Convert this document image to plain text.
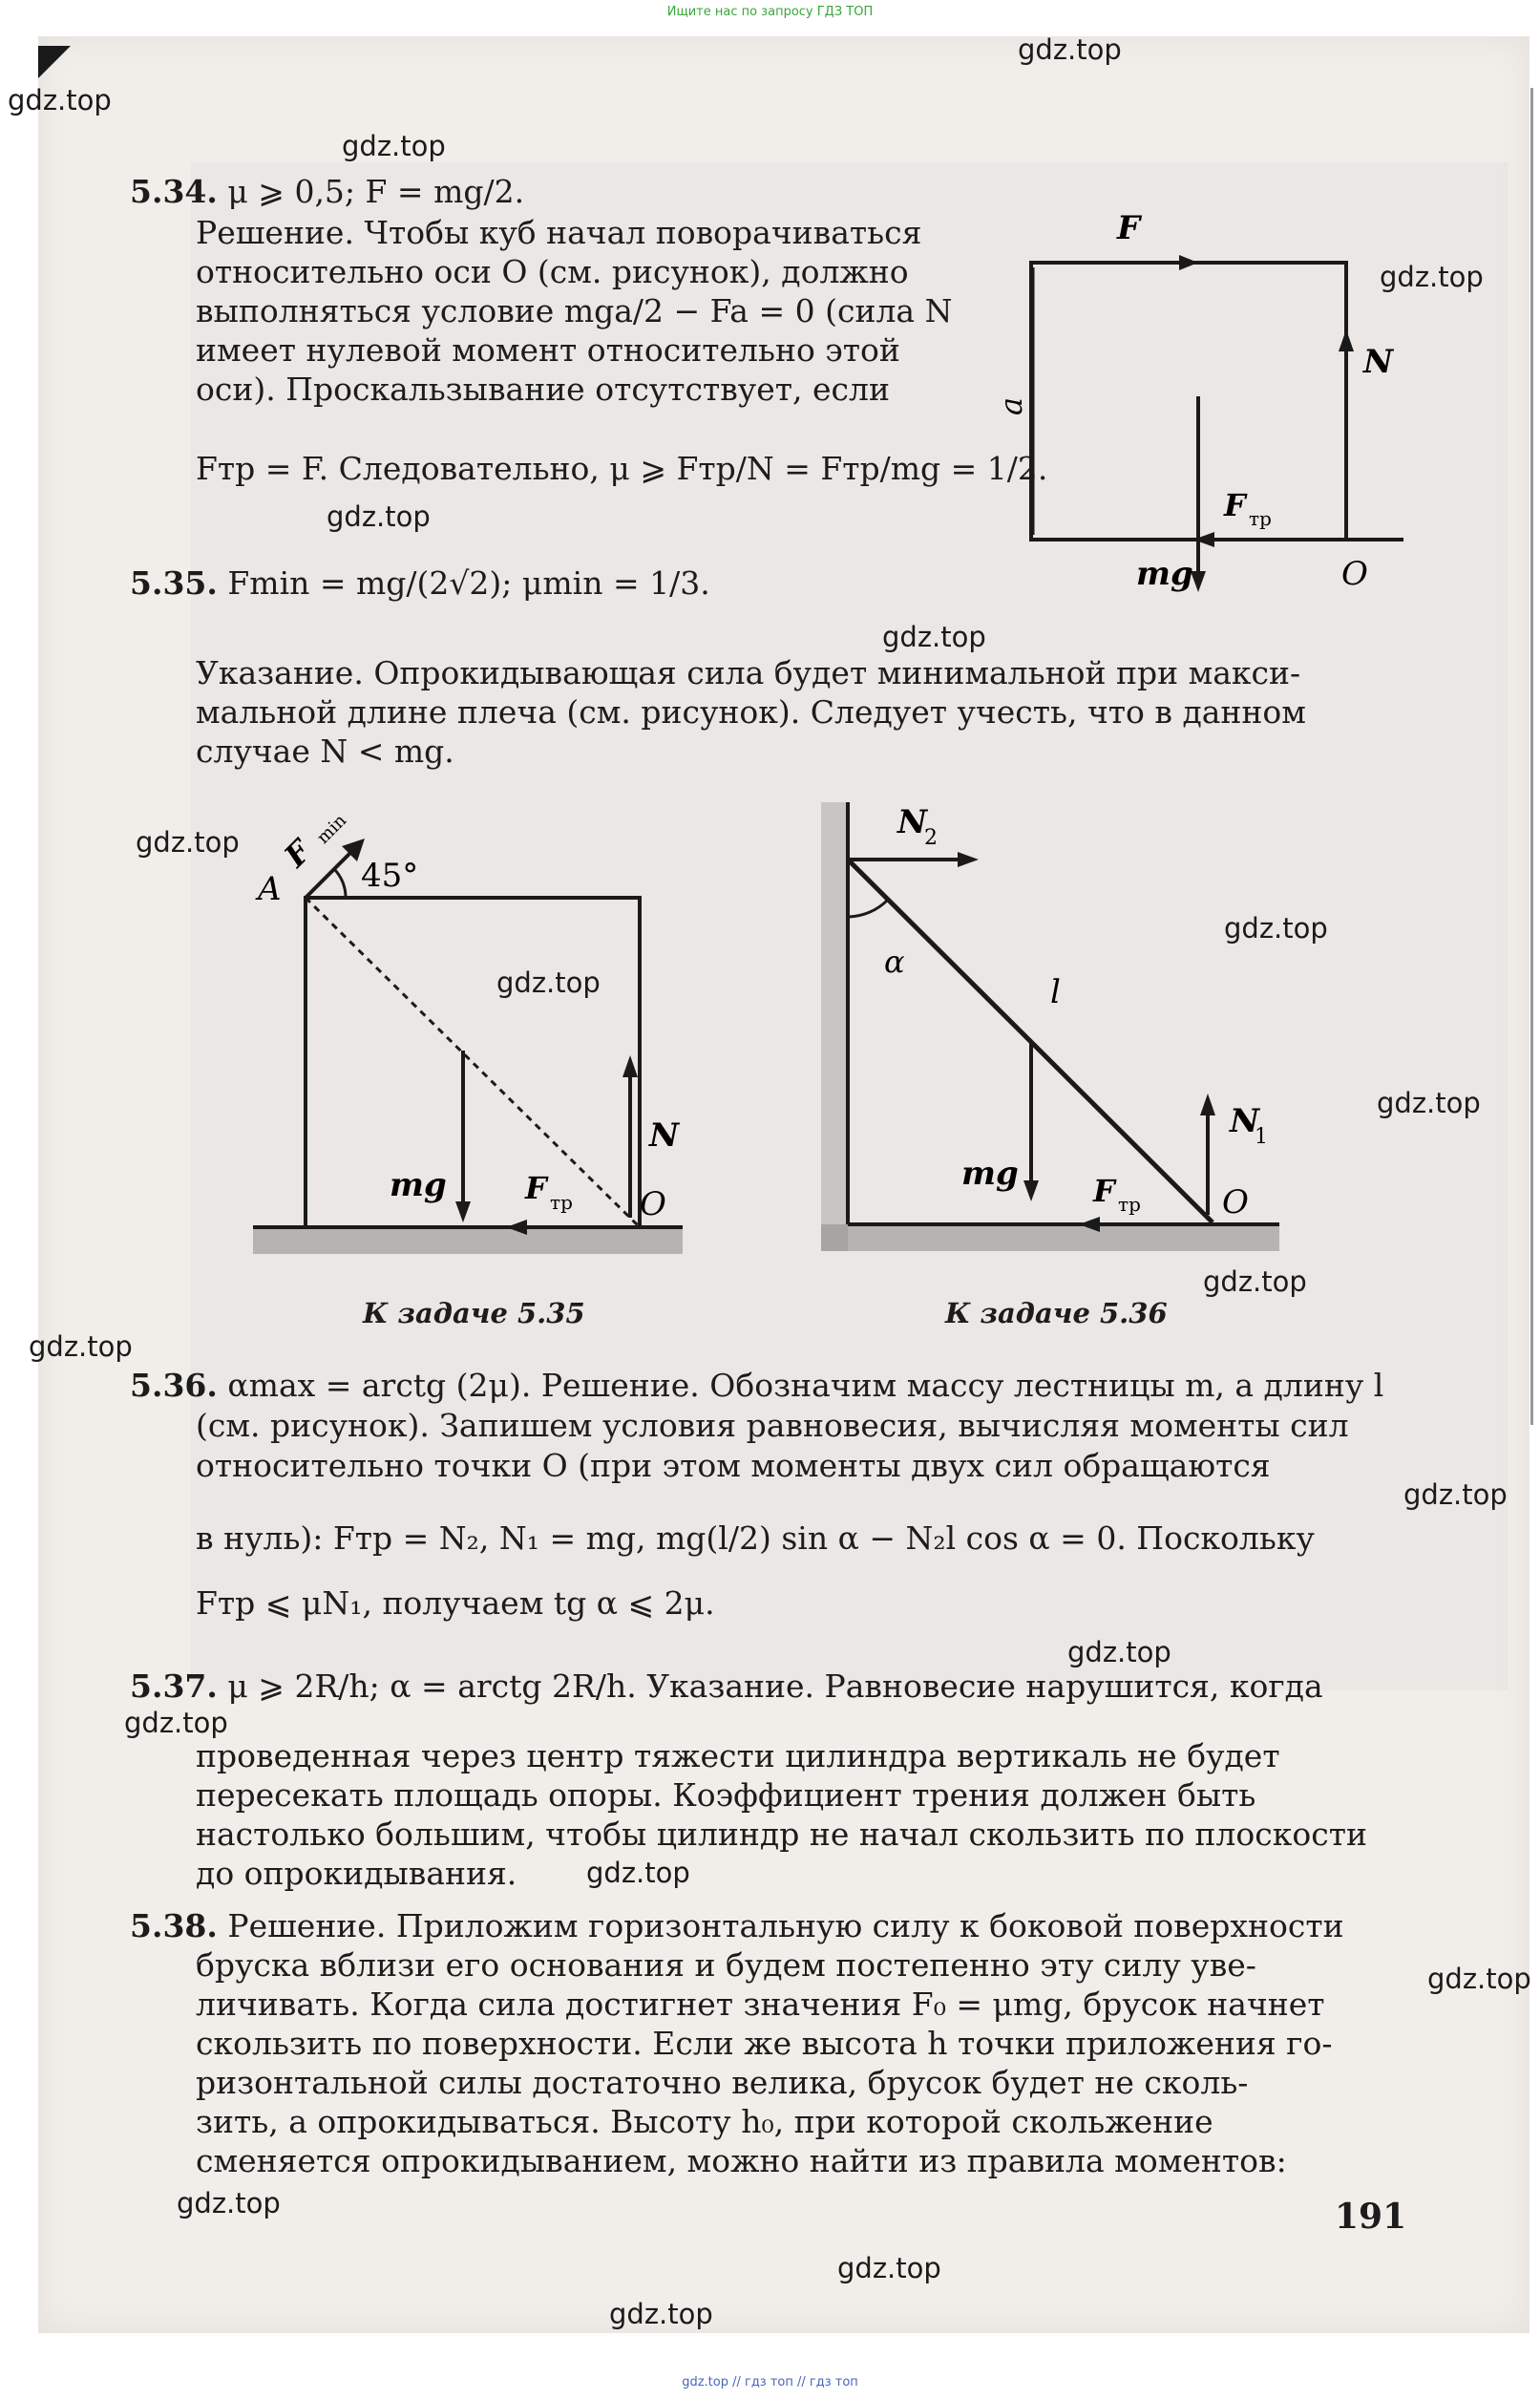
Ищите нас по запросу ГДЗ ТОП
gdz.top // гдз топ // гдз топ
5.34. μ ⩾ 0,5; F = mg/2.
Решение. Чтобы куб начал поворачиваться
относительно оси O (см. рисунок), должно
выполняться условие mga/2 − Fa = 0 (сила N
имеет нулевой момент относительно этой
оси). Проскальзывание отсутствует, если
Fтр = F. Следовательно, μ ⩾ Fтр/N = Fтр/mg = 1/2.
F
a
N
mg
F тр
O
5.35. Fmin = mg/(2√2); μmin = 1/3.
Указание. Опрокидывающая сила будет минимальной при макси-
мальной длине плеча (см. рисунок). Следует учесть, что в данном
случае N < mg.
F
min
45°
A
N
mg	F тр O
К задаче 5.35
α
l
N
2
N
1
mg F тр	O
К задаче 5.36
5.36. αmax = arctg (2μ). Решение. Обозначим массу лестницы m, а длину l
(см. рисунок). Запишем условия равновесия, вычисляя моменты сил
относительно точки O (при этом моменты двух сил обращаются
в нуль): Fтр = N₂, N₁ = mg, mg(l/2) sin α − N₂l cos α = 0. Поскольку
Fтр ⩽ μN₁, получаем tg α ⩽ 2μ.
5.37. μ ⩾ 2R/h; α = arctg 2R/h. Указание. Равновесие нарушится, когда
проведенная через центр тяжести цилиндра вертикаль не будет
пересекать площадь опоры. Коэффициент трения должен быть
настолько большим, чтобы цилиндр не начал скользить по плоскости
до опрокидывания.
5.38. Решение. Приложим горизонтальную силу к боковой поверхности
бруска вблизи его основания и будем постепенно эту силу уве-
личивать. Когда сила достигнет значения F₀ = μmg, брусок начнет
скользить по поверхности. Если же высота h точки приложения го-
ризонтальной силы достаточно велика, брусок будет не сколь-
зить, а опрокидываться. Высоту h₀, при которой скольжение
сменяется опрокидыванием, можно найти из правила моментов:
191
gdz.top
gdz.top
gdz.top
gdz.top
gdz.top
gdz.top
gdz.top
gdz.top
gdz.top
gdz.top
gdz.top
gdz.top
gdz.top
gdz.top
gdz.top
gdz.top
gdz.top
gdz.top
gdz.top
gdz.top
